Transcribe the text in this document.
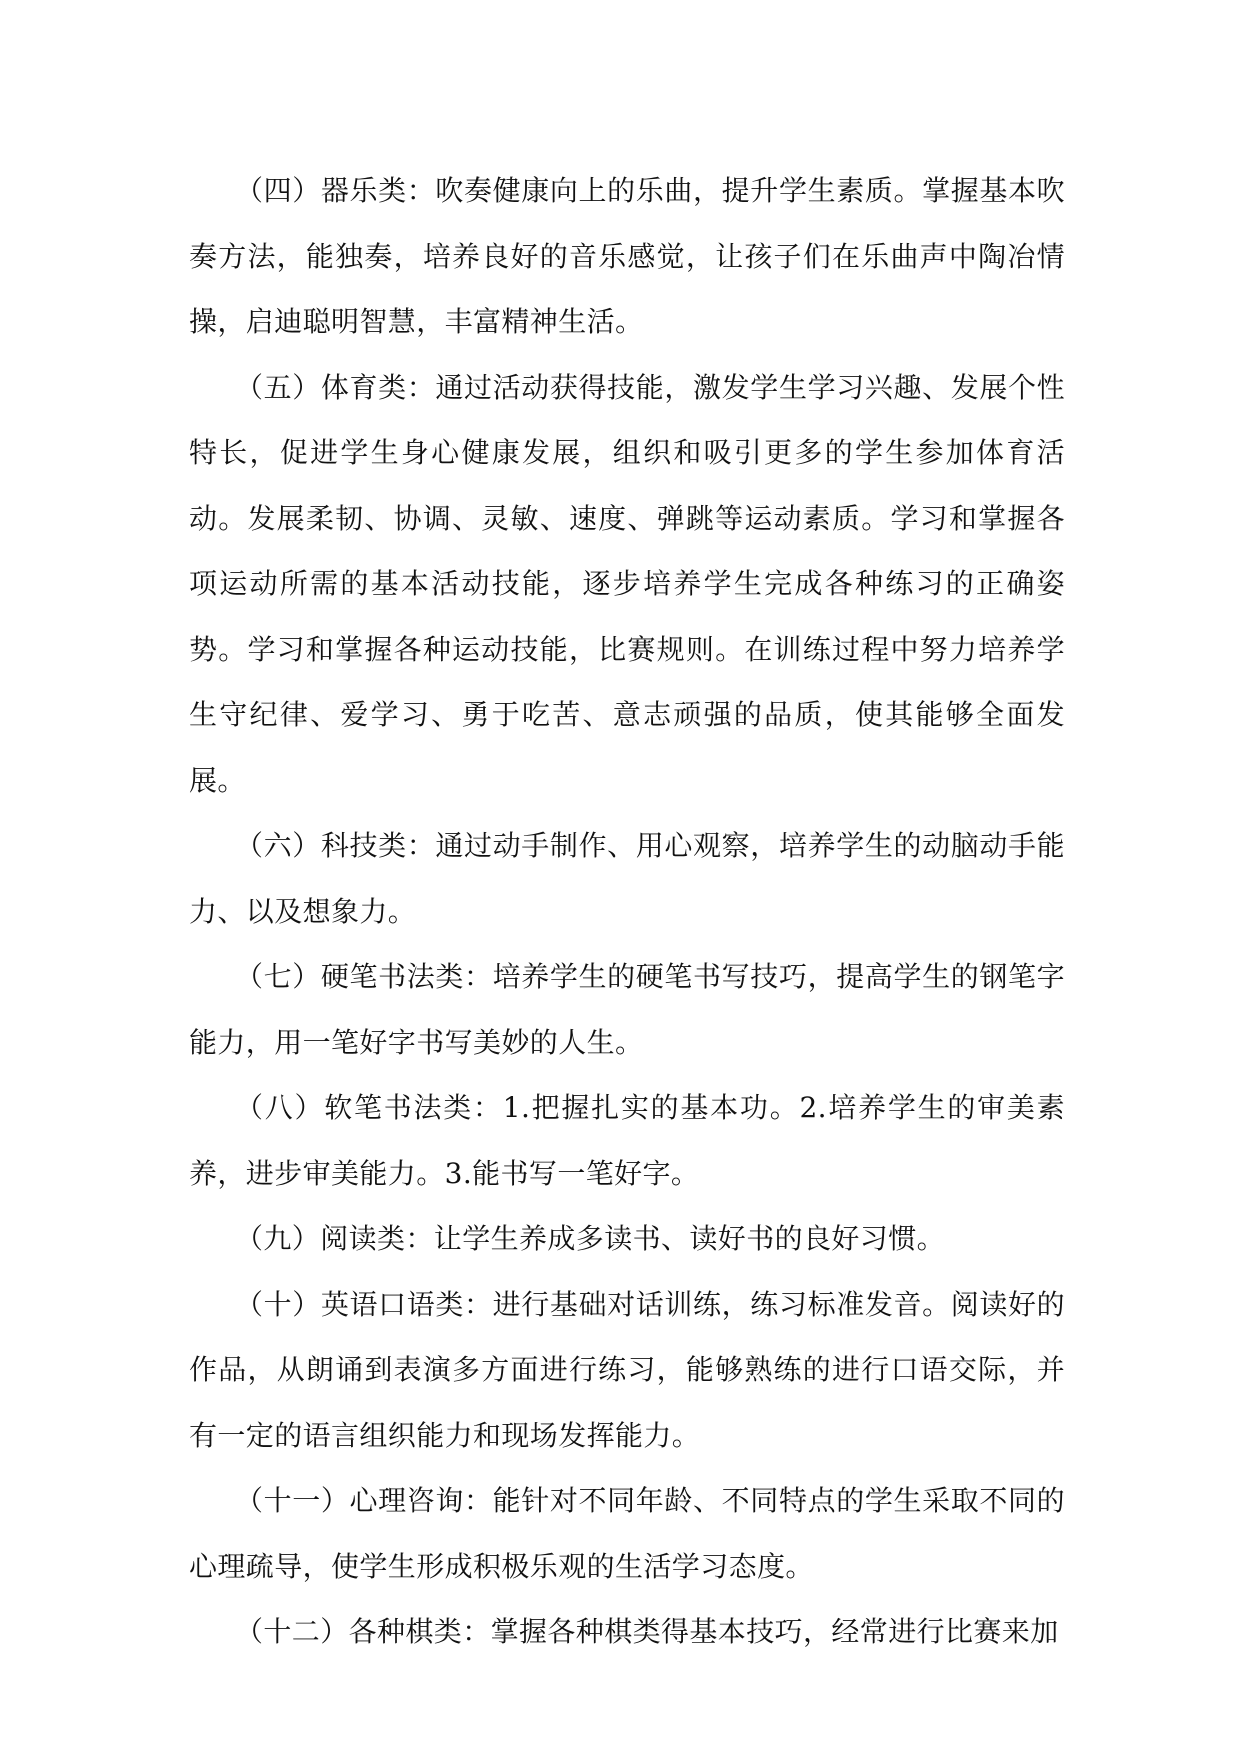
（四）器乐类：吹奏健康向上的乐曲，提升学生素质。掌握基本吹奏方法，能独奏，培养良好的音乐感觉，让孩子们在乐曲声中陶冶情操，启迪聪明智慧，丰富精神生活。

（五）体育类：通过活动获得技能，激发学生学习兴趣、发展个性特长，促进学生身心健康发展，组织和吸引更多的学生参加体育活动。发展柔韧、协调、灵敏、速度、弹跳等运动素质。学习和掌握各项运动所需的基本活动技能，逐步培养学生完成各种练习的正确姿势。学习和掌握各种运动技能，比赛规则。在训练过程中努力培养学生守纪律、爱学习、勇于吃苦、意志顽强的品质，使其能够全面发展。

（六）科技类：通过动手制作、用心观察，培养学生的动脑动手能力、以及想象力。

（七）硬笔书法类：培养学生的硬笔书写技巧，提高学生的钢笔字能力，用一笔好字书写美妙的人生。

（八）软笔书法类：1.把握扎实的基本功。2.培养学生的审美素养，进步审美能力。3.能书写一笔好字。

（九）阅读类：让学生养成多读书、读好书的良好习惯。

（十）英语口语类：进行基础对话训练，练习标准发音。阅读好的作品，从朗诵到表演多方面进行练习，能够熟练的进行口语交际，并有一定的语言组织能力和现场发挥能力。

（十一）心理咨询：能针对不同年龄、不同特点的学生采取不同的心理疏导，使学生形成积极乐观的生活学习态度。

（十二）各种棋类：掌握各种棋类得基本技巧，经常进行比赛来加
